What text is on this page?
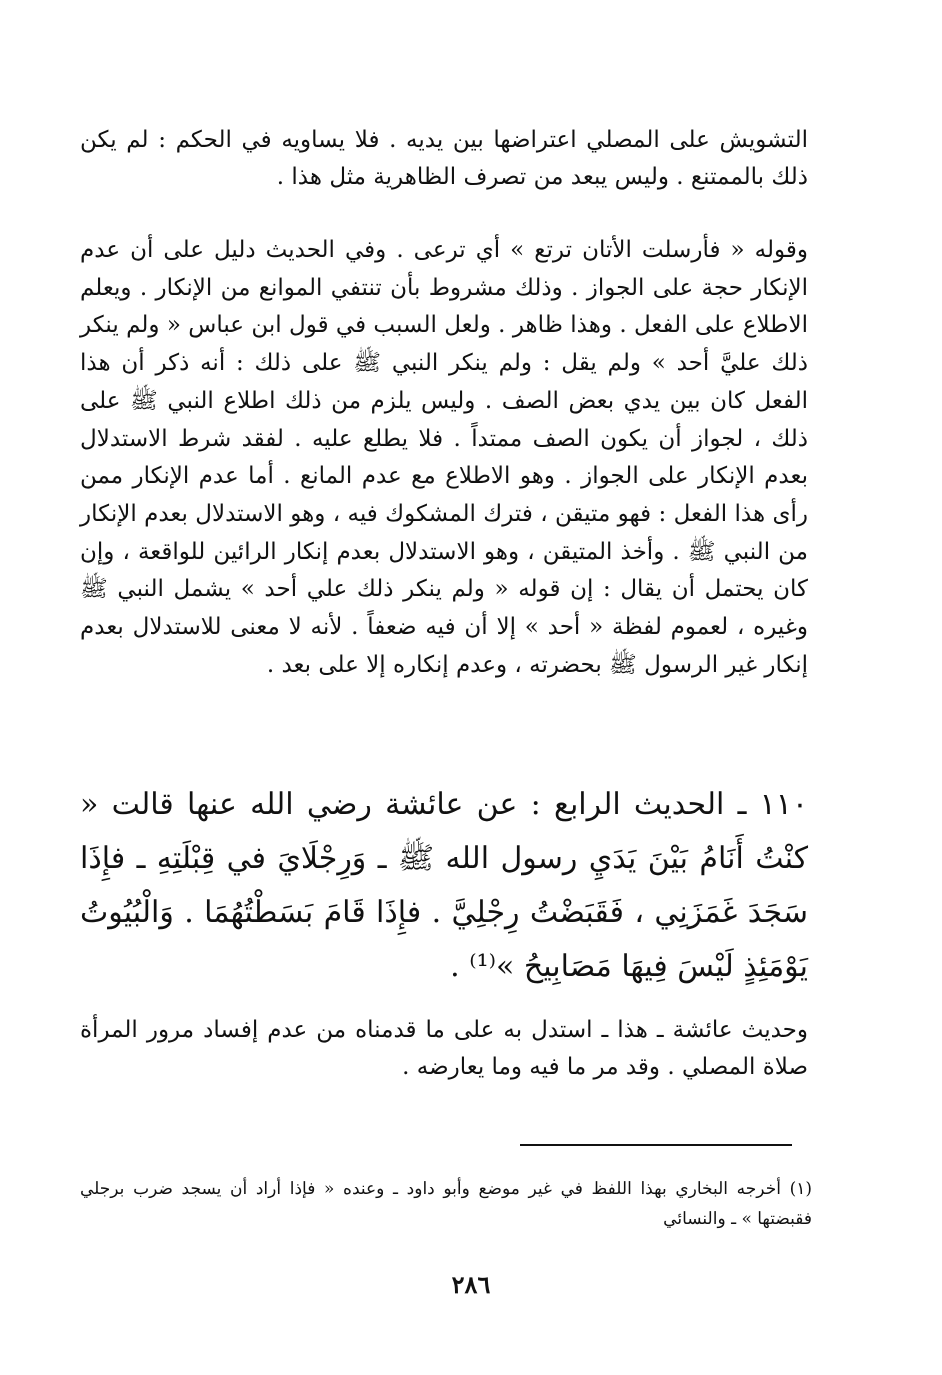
التشويش على المصلي اعتراضها بين يديه . فلا يساويه في الحكم : لم يكن ذلك بالممتنع . وليس يبعد من تصرف الظاهرية مثل هذا .

وقوله « فأرسلت الأتان ترتع » أي ترعى . وفي الحديث دليل على أن عدم الإنكار حجة على الجواز . وذلك مشروط بأن تنتفي الموانع من الإنكار . ويعلم الاطلاع على الفعل . وهذا ظاهر . ولعل السبب في قول ابن عباس « ولم ينكر ذلك عليَّ أحد » ولم يقل : ولم ينكر النبي ﷺ على ذلك : أنه ذكر أن هذا الفعل كان بين يدي بعض الصف . وليس يلزم من ذلك اطلاع النبي ﷺ على ذلك ، لجواز أن يكون الصف ممتداً . فلا يطلع عليه . لفقد شرط الاستدلال بعدم الإنكار على الجواز . وهو الاطلاع مع عدم المانع . أما عدم الإنكار ممن رأى هذا الفعل : فهو متيقن ، فترك المشكوك فيه ، وهو الاستدلال بعدم الإنكار من النبي ﷺ . وأخذ المتيقن ، وهو الاستدلال بعدم إنكار الرائين للواقعة ، وإن كان يحتمل أن يقال : إن قوله « ولم ينكر ذلك علي أحد » يشمل النبي ﷺ وغيره ، لعموم لفظة « أحد » إلا أن فيه ضعفاً . لأنه لا معنى للاستدلال بعدم إنكار غير الرسول ﷺ بحضرته ، وعدم إنكاره إلا على بعد .

١١٠ ـ الحديث الرابع : عن عائشة رضي الله عنها قالت « كنْتُ أَنَامُ بَيْنَ يَدَيِ رسول الله ﷺ ـ وَرِجْلَايَ في قِبْلَتِهِ ـ فإِذَا سَجَدَ غَمَزَنِي ، فَقَبَضْتُ رِجْلِيَّ . فإِذَا قَامَ بَسَطْتُهُمَا . وَالْبُيُوتُ يَوْمَئِذٍ لَيْسَ فِيهَا مَصَابِيحُ »⁽¹⁾ .

وحديث عائشة ـ هذا ـ استدل به على ما قدمناه من عدم إفساد مرور المرأة صلاة المصلي . وقد مر ما فيه وما يعارضه .

(١) أخرجه البخاري بهذا اللفظ في غير موضع وأبو داود ـ وعنده « فإذا أراد أن يسجد ضرب برجلي فقبضتها » ـ والنسائي

٢٨٦
